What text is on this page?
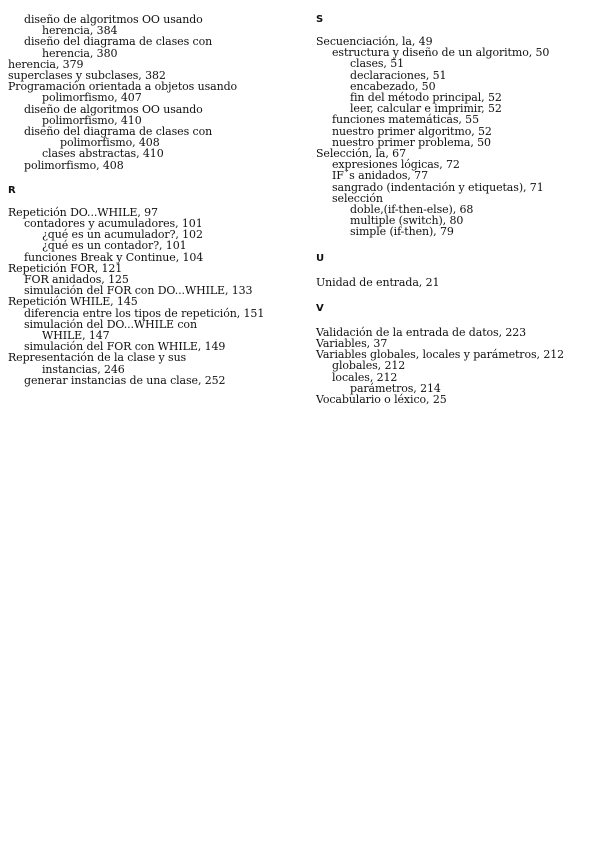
diseño de algoritmos OO usando
herencia, 384
diseño del diagrama de clases con
herencia, 380
herencia, 379
superclases y subclases, 382
Programación orientada a objetos usando
polimorfismo, 407
diseño de algoritmos OO usando
polimorfismo, 410
diseño del diagrama de clases con
polimorfismo, 408
clases abstractas, 410
polimorfismo, 408
R
Repetición DO...WHILE, 97
contadores y acumuladores, 101
¿qué es un acumulador?, 102
¿qué es un contador?, 101
funciones Break y Continue, 104
Repetición FOR, 121
FOR anidados, 125
simulación del FOR con DO...WHILE, 133
Repetición WHILE, 145
diferencia entre los tipos de repetición, 151
simulación del DO...WHILE con
WHILE, 147
simulación del FOR con WHILE, 149
Representación de la clase y sus
instancias, 246
generar instancias de una clase, 252
S
Secuenciación, la, 49
estructura y diseño de un algoritmo, 50
clases, 51
declaraciones, 51
encabezado, 50
fin del método principal, 52
leer, calcular e imprimir, 52
funciones matemáticas, 55
nuestro primer algoritmo, 52
nuestro primer problema, 50
Selección, la, 67
expresiones lógicas, 72
IF´s anidados, 77
sangrado (indentación y etiquetas), 71
selección
doble,(if-then-else), 68
multiple (switch), 80
simple (if-then), 79
U
Unidad de entrada, 21
V
Validación de la entrada de datos, 223
Variables, 37
Variables globales, locales y parámetros, 212
globales, 212
locales, 212
parámetros, 214
Vocabulario o léxico, 25
